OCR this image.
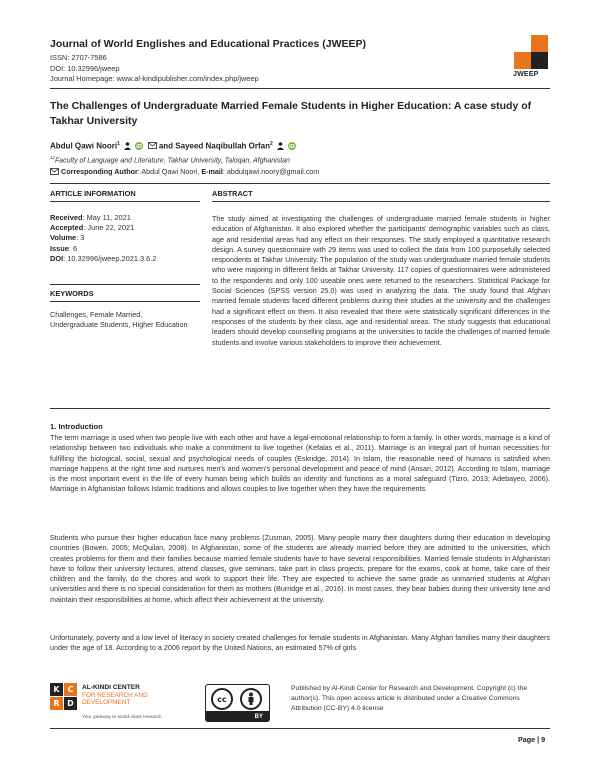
Journal of World Englishes and Educational Practices (JWEEP)
ISSN: 2707-7586
DOI: 10.32996/jweep
Journal Homepage: www.al-kindipublisher.com/index.php/jweep	JWEEP
The Challenges of Undergraduate Married Female Students in Higher Education: A case study of Takhar University
Abdul Qawi Noori$^1$	iD and Sayeed Naqibullah Orfan$^2$	iD
$^{12}$Faculty of Language and Literature, Takhar University, Taloqan, Afghanistan
Corresponding Author: Abdul Qawi Noori, E-mail: abdulqawi.noory@gmail.com
ARTICLE INFORMATION	ABSTRACT
Received: May 11, 2021
Accepted: June 22, 2021
Volume: 3
Issue: 6
DOI: 10.32996/jweep.2021.3.6.2
KEYWORDS
Challenges, Female Married, Undergraduate Students, Higher Education
The study aimed at investigating the challenges of undergraduate married female students in higher education of Afghanistan. It also explored whether the participants' demographic variables such as class, age and residential areas had any effect on their responses. The study employed a quantitative research design. A survey questionnaire with 29 items was used to collect the data from 100 purposefully selected respondents at Takhar University. The population of the study was undergraduate married female students who were majoring in different fields at Takhar University. 117 copies of questionnaires were administered to the respondents and only 100 useable ones were returned to the researchers. Statistical Package for Social Sciences (SPSS version 25.0) was used in analyzing the data. The study found that Afghan married female students faced different problems during their studies at the university and the challenges had a significant effect on them. It also revealed that there were statistically significant differences in the responses of the students by their class, age and residential areas. The study suggests that educational leaders should develop counselling programs at the universities to tackle the challenges of married female students and involve various stakeholders to improve their achievement.
1. Introduction
The term marriage is used when two people live with each other and have a legal-emotional relationship to form a family. In other words, marriage is a kind of relationship between two individuals who make a commitment to live together (Kefalas et al., 2011). Marriage is an integral part of human necessities for fulfilling the biological, social, sexual and psychological needs of couples (Eskridge, 2014). In Islam, the reasonable need of humans is satisfied when marriage happens at the right time and nurtures men's and women's personal development and peace of mind (Ansari, 2012). According to Islam, marriage is the most important event in the life of every human being which builds an identity and functions as a moral safeguard (Tizro, 2013; Adebayeo, 2006). Marriage in Afghanistan follows Islamic traditions and allows couples to live together when they have the requirements.
Students who pursue their higher education face many problems (Zusman, 2005). Many people marry their daughters during their education in developing countries (Bowen, 2005; McQuilan, 2008). In Afghanistan, some of the students are already married before they are admitted to the universities, which creates problems for them and their families because married female students have to have several responsibilities. Married female students in Afghanistan have to follow their university lectures, attend classes, give seminars, take part in class projects, prepare for the exams, cook at home, take care of their children and the family, do the chores and work to support their life. They are expected to achieve the same grade as unmarried students at Afghan universities and there is no special consideration for them as mothers (Burridge et al., 2016). In most cases, they bear babies during their university time and maintain their responsibilities at home, which affect their achievement at the university.
Unfortunately, poverty and a low level of literacy in society created challenges for female students in Afghanistan. Many Afghan families marry their daughters under the age of 18. According to a 2006 report by the United Nations, an estimated 57% of girls
K C
R D
AL-KINDI CENTER
FOR RESEARCH AND
DEVELOPMENT
Your gateway to world-class research
cc
BY
Published by Al-Kindi Center for Research and Development. Copyright (c) the author(s). This open access article is distributed under a Creative Commons Attribution (CC-BY) 4.0 license
Page | 9
